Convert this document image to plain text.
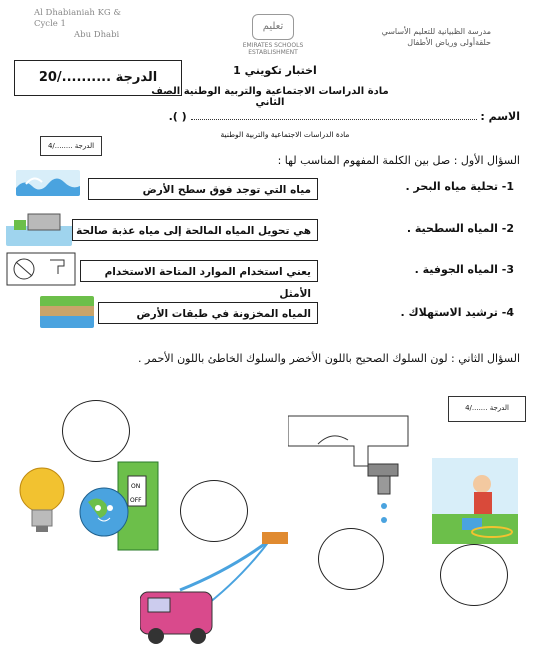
Al Dhabianiah KG & Cycle 1
Abu Dhabi
تعليم
EMIRATES SCHOOLS ESTABLISHMENT
مدرسة الظبيانية للتعليم الأساسي
حلقةأولى ورياض الأطفال
الدرجة ........../20	اختبار تكويني 1
مادة الدراسات الاجتماعية والتربية الوطنية الصف الثاني
الاسم :  ( ).
مادة الدراسات الاجتماعية والتربية الوطنية
الدرجة ......../4
السؤال الأول : صل بين الكلمة المفهوم المناسب لها :
1- تحلية مياه البحر .
مياه التي توجد فوق سطح الأرض
2- المياه السطحية .
هي تحويل المياه المالحة إلى مياه عذبة صالحة
3- المياه الجوفية .
يعني استخدام الموارد المتاحة الاستخدام الأمثل
4- ترشيد الاستهلاك .
المياه المخزونة في طبقات الأرض
السؤال الثاني : لون السلوك الصحيح باللون الأخضر والسلوك الخاطئ باللون الأحمر .
الدرجة ......./4
ON
OFF
